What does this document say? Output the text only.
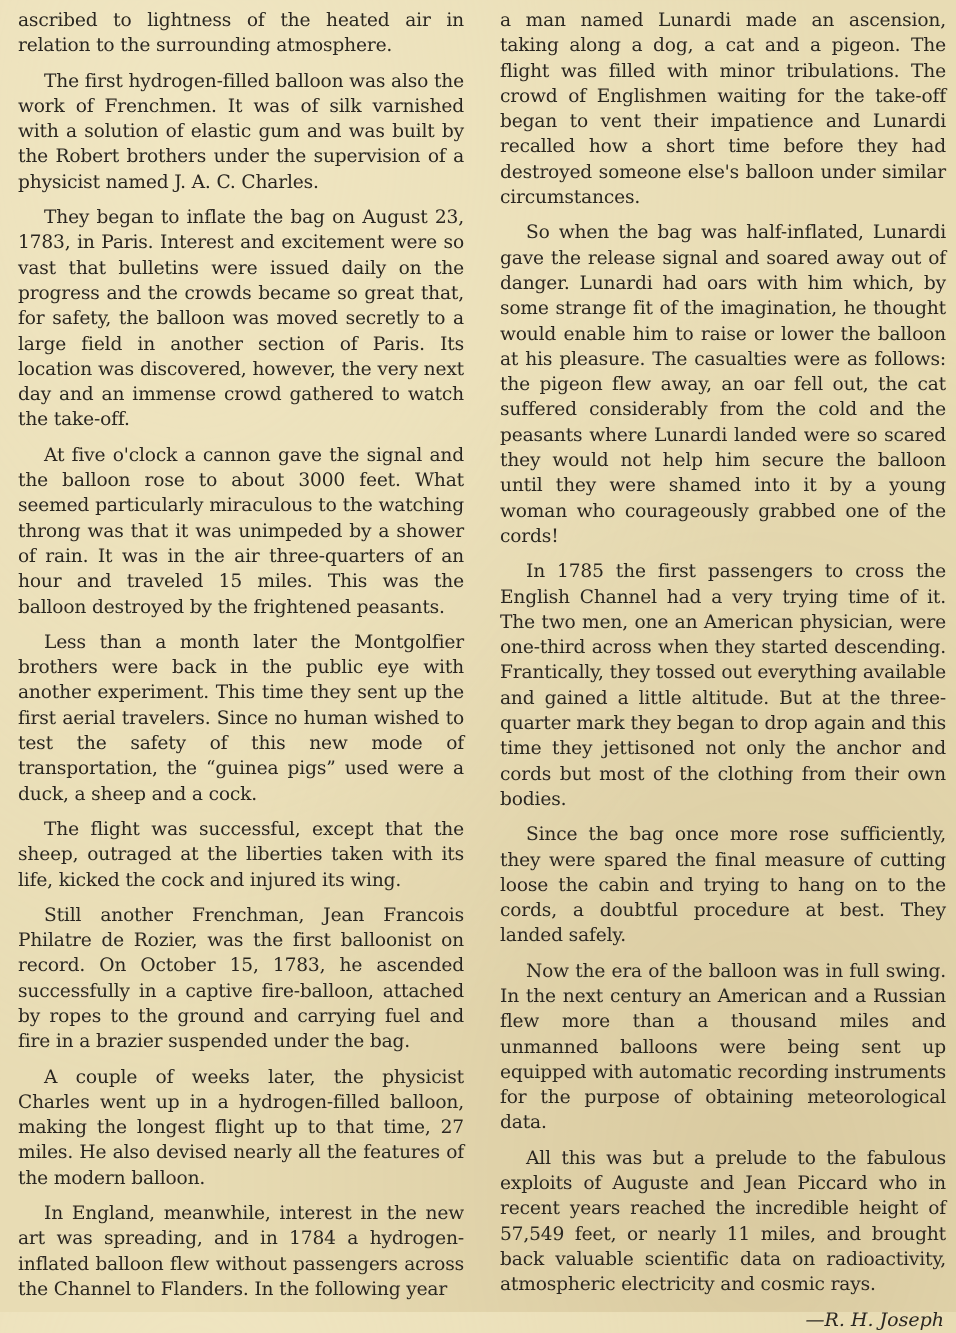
ascribed to lightness of the heated air in relation to the surrounding atmosphere.

The first hydrogen-filled balloon was also the work of Frenchmen. It was of silk varnished with a solution of elastic gum and was built by the Robert brothers under the supervision of a physicist named J. A. C. Charles.

They began to inflate the bag on August 23, 1783, in Paris. Interest and excitement were so vast that bulletins were issued daily on the progress and the crowds became so great that, for safety, the balloon was moved secretly to a large field in another section of Paris. Its location was discovered, however, the very next day and an immense crowd gathered to watch the take-off.

At five o'clock a cannon gave the signal and the balloon rose to about 3000 feet. What seemed particularly miraculous to the watching throng was that it was unimpeded by a shower of rain. It was in the air three-quarters of an hour and traveled 15 miles. This was the balloon destroyed by the frightened peasants.

Less than a month later the Montgolfier brothers were back in the public eye with another experiment. This time they sent up the first aerial travelers. Since no human wished to test the safety of this new mode of transportation, the “guinea pigs” used were a duck, a sheep and a cock.

The flight was successful, except that the sheep, outraged at the liberties taken with its life, kicked the cock and injured its wing.

Still another Frenchman, Jean Francois Philatre de Rozier, was the first balloonist on record. On October 15, 1783, he ascended successfully in a captive fire-balloon, attached by ropes to the ground and carrying fuel and fire in a brazier suspended under the bag.

A couple of weeks later, the physicist Charles went up in a hydrogen-filled balloon, making the longest flight up to that time, 27 miles. He also devised nearly all the features of the modern balloon.

In England, meanwhile, interest in the new art was spreading, and in 1784 a hydrogen-inflated balloon flew without passengers across the Channel to Flanders. In the following year

a man named Lunardi made an ascension, taking along a dog, a cat and a pigeon. The flight was filled with minor tribulations. The crowd of Englishmen waiting for the take-off began to vent their impatience and Lunardi recalled how a short time before they had destroyed someone else's balloon under similar circumstances.

So when the bag was half-inflated, Lunardi gave the release signal and soared away out of danger. Lunardi had oars with him which, by some strange fit of the imagination, he thought would enable him to raise or lower the balloon at his pleasure. The casualties were as follows: the pigeon flew away, an oar fell out, the cat suffered considerably from the cold and the peasants where Lunardi landed were so scared they would not help him secure the balloon until they were shamed into it by a young woman who courageously grabbed one of the cords!

In 1785 the first passengers to cross the English Channel had a very trying time of it. The two men, one an American physician, were one-third across when they started descending. Frantically, they tossed out everything available and gained a little altitude. But at the three-quarter mark they began to drop again and this time they jettisoned not only the anchor and cords but most of the clothing from their own bodies.

Since the bag once more rose sufficiently, they were spared the final measure of cutting loose the cabin and trying to hang on to the cords, a doubtful procedure at best. They landed safely.

Now the era of the balloon was in full swing. In the next century an American and a Russian flew more than a thousand miles and unmanned balloons were being sent up equipped with automatic recording instruments for the purpose of obtaining meteorological data.

All this was but a prelude to the fabulous exploits of Auguste and Jean Piccard who in recent years reached the incredible height of 57,549 feet, or nearly 11 miles, and brought back valuable scientific data on radioactivity, atmospheric electricity and cosmic rays.

—R. H. Joseph
